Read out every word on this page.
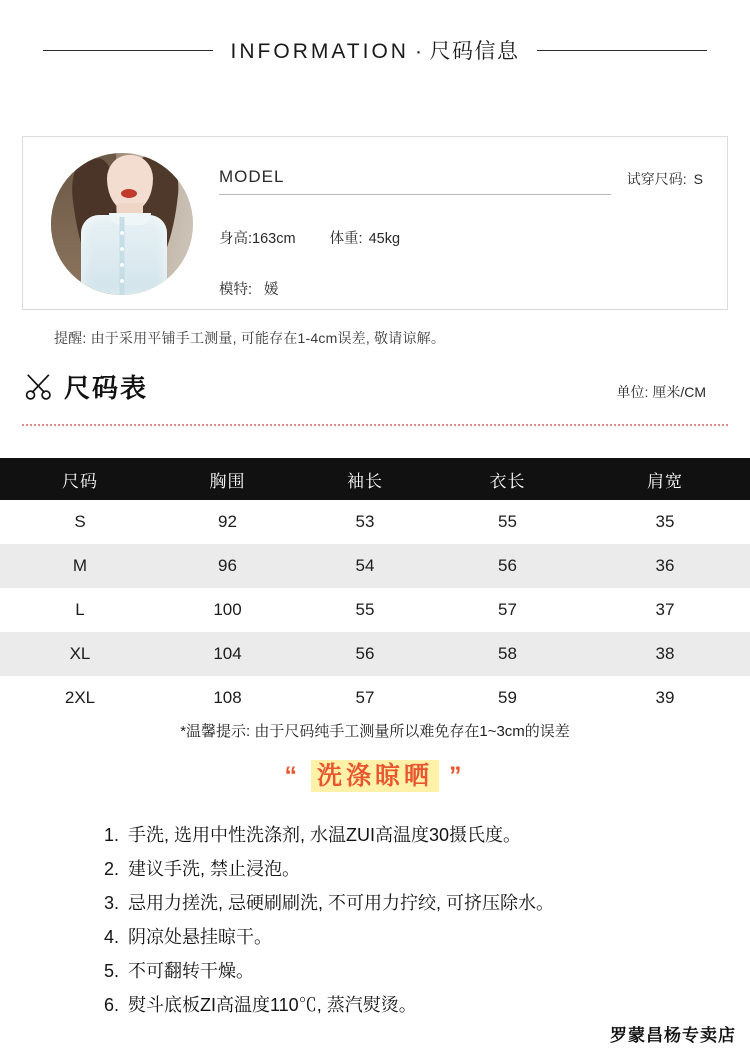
INFORMATION · 尺码信息
MODEL	试穿尺码: S
身高:163cm 体重: 45kg
模特: 媛
提醒: 由于采用平铺手工测量, 可能存在1-4cm误差, 敬请谅解。
尺码表	单位: 厘米/CM
尺码	胸围	袖长	衣长	肩宽
S	92	53	55	35
M	96	54	56	36
L	100	55	57	37
XL	104	56	58	38
2XL	108	57	59	39
*温馨提示: 由于尺码纯手工测量所以难免存在1~3cm的误差
“ 洗涤晾晒 ”
1. 手洗, 选用中性洗涤剂, 水温ZUI高温度30摄氏度。
2. 建议手洗, 禁止浸泡。
3. 忌用力搓洗, 忌硬刷刷洗, 不可用力拧绞, 可挤压除水。
4. 阴凉处悬挂晾干。
5. 不可翻转干燥。
6. 熨斗底板ZI高温度110℃, 蒸汽熨烫。
罗蒙昌杨专卖店
